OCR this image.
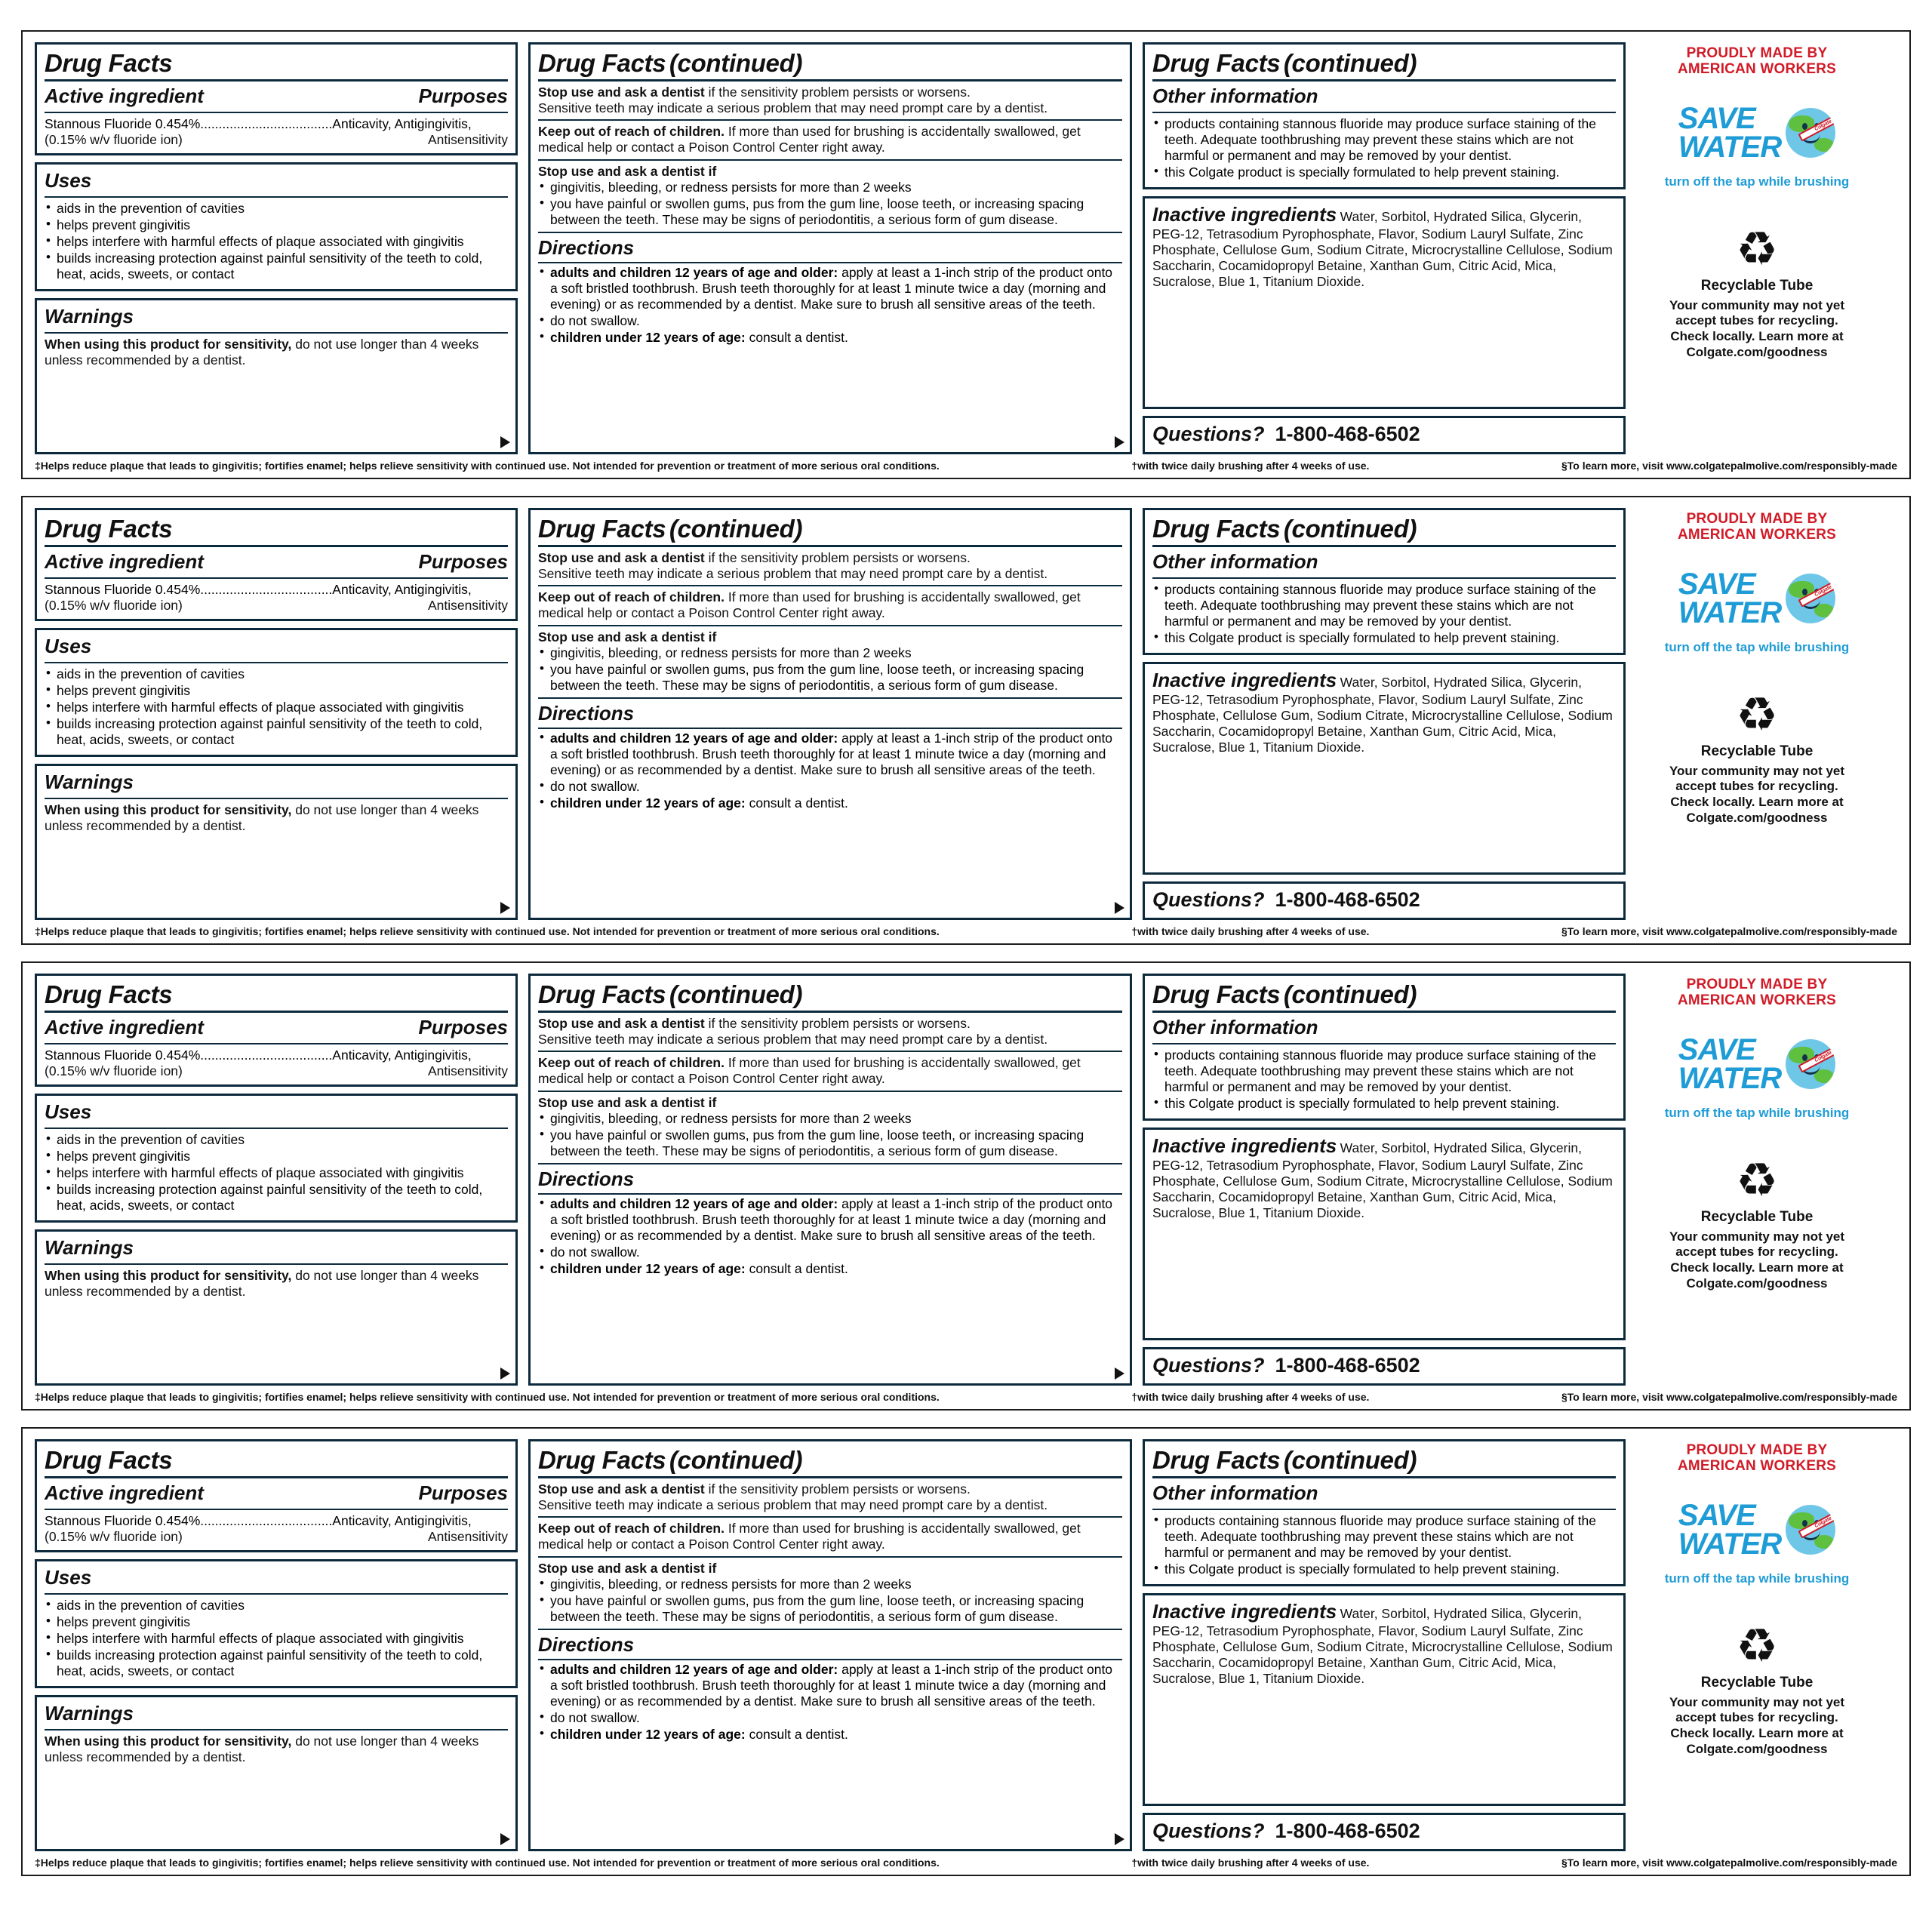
Drug Facts
Active ingredient	Purposes
Stannous Fluoride 0.454%....................................Anticavity, Antigingivitis,
(0.15% w/v fluoride ion)	Antisensitivity
Uses
• aids in the prevention of cavities
• helps prevent gingivitis
• helps interfere with harmful effects of plaque associated with gingivitis
• builds increasing protection against painful sensitivity of the teeth to cold, heat, acids, sweets, or contact
Warnings

When using this product for sensitivity, do not use longer than 4 weeks unless recommended by a dentist.

Drug Facts (continued)

Stop use and ask a dentist if the sensitivity problem persists or worsens.

Sensitive teeth may indicate a serious problem that may need prompt care by a dentist.

Keep out of reach of children. If more than used for brushing is accidentally swallowed, get medical help or contact a Poison Control Center right away.

Stop use and ask a dentist if

• gingivitis, bleeding, or redness persists for more than 2 weeks
• you have painful or swollen gums, pus from the gum line, loose teeth, or increasing spacing between the teeth. These may be signs of periodontitis, a serious form of gum disease.
Directions
• adults and children 12 years of age and older: apply at least a 1-inch strip of the product onto a soft bristled toothbrush. Brush teeth thoroughly for at least 1 minute twice a day (morning and evening) or as recommended by a dentist. Make sure to brush all sensitive areas of the teeth.
• do not swallow.
• children under 12 years of age: consult a dentist.
Drug Facts (continued)
Other information
• products containing stannous fluoride may produce surface staining of the teeth. Adequate toothbrushing may prevent these stains which are not harmful or permanent and may be removed by your dentist.
• this Colgate product is specially formulated to help prevent staining.

Inactive ingredients Water, Sorbitol, Hydrated Silica, Glycerin, PEG-12, Tetrasodium Pyrophosphate, Flavor, Sodium Lauryl Sulfate, Zinc Phosphate, Cellulose Gum, Sodium Citrate, Microcrystalline Cellulose, Sodium Saccharin, Cocamidopropyl Betaine, Xanthan Gum, Citric Acid, Mica, Sucralose, Blue 1, Titanium Dioxide.

Questions? 1-800-468-6502
PROUDLY MADE BY
AMERICAN WORKERS
SAVE
WATER
Colgate
turn off the tap while brushing
♻
Recyclable Tube
Your community may not yet
accept tubes for recycling.
Check locally. Learn more at
Colgate.com/goodness
‡Helps reduce plaque that leads to gingivitis; fortifies enamel; helps relieve sensitivity with continued use. Not intended for prevention or treatment of more serious oral conditions.	†with twice daily brushing after 4 weeks of use.	§To learn more, visit www.colgatepalmolive.com/responsibly-made
Drug Facts
Active ingredient	Purposes
Stannous Fluoride 0.454%....................................Anticavity, Antigingivitis,
(0.15% w/v fluoride ion)	Antisensitivity
Uses
• aids in the prevention of cavities
• helps prevent gingivitis
• helps interfere with harmful effects of plaque associated with gingivitis
• builds increasing protection against painful sensitivity of the teeth to cold, heat, acids, sweets, or contact
Warnings

When using this product for sensitivity, do not use longer than 4 weeks unless recommended by a dentist.

Drug Facts (continued)

Stop use and ask a dentist if the sensitivity problem persists or worsens.

Sensitive teeth may indicate a serious problem that may need prompt care by a dentist.

Keep out of reach of children. If more than used for brushing is accidentally swallowed, get medical help or contact a Poison Control Center right away.

Stop use and ask a dentist if

• gingivitis, bleeding, or redness persists for more than 2 weeks
• you have painful or swollen gums, pus from the gum line, loose teeth, or increasing spacing between the teeth. These may be signs of periodontitis, a serious form of gum disease.
Directions
• adults and children 12 years of age and older: apply at least a 1-inch strip of the product onto a soft bristled toothbrush. Brush teeth thoroughly for at least 1 minute twice a day (morning and evening) or as recommended by a dentist. Make sure to brush all sensitive areas of the teeth.
• do not swallow.
• children under 12 years of age: consult a dentist.
Drug Facts (continued)
Other information
• products containing stannous fluoride may produce surface staining of the teeth. Adequate toothbrushing may prevent these stains which are not harmful or permanent and may be removed by your dentist.
• this Colgate product is specially formulated to help prevent staining.

Inactive ingredients Water, Sorbitol, Hydrated Silica, Glycerin, PEG-12, Tetrasodium Pyrophosphate, Flavor, Sodium Lauryl Sulfate, Zinc Phosphate, Cellulose Gum, Sodium Citrate, Microcrystalline Cellulose, Sodium Saccharin, Cocamidopropyl Betaine, Xanthan Gum, Citric Acid, Mica, Sucralose, Blue 1, Titanium Dioxide.

Questions? 1-800-468-6502
PROUDLY MADE BY
AMERICAN WORKERS
SAVE
WATER
Colgate
turn off the tap while brushing
♻
Recyclable Tube
Your community may not yet
accept tubes for recycling.
Check locally. Learn more at
Colgate.com/goodness
‡Helps reduce plaque that leads to gingivitis; fortifies enamel; helps relieve sensitivity with continued use. Not intended for prevention or treatment of more serious oral conditions.	†with twice daily brushing after 4 weeks of use.	§To learn more, visit www.colgatepalmolive.com/responsibly-made
Drug Facts
Active ingredient	Purposes
Stannous Fluoride 0.454%....................................Anticavity, Antigingivitis,
(0.15% w/v fluoride ion)	Antisensitivity
Uses
• aids in the prevention of cavities
• helps prevent gingivitis
• helps interfere with harmful effects of plaque associated with gingivitis
• builds increasing protection against painful sensitivity of the teeth to cold, heat, acids, sweets, or contact
Warnings

When using this product for sensitivity, do not use longer than 4 weeks unless recommended by a dentist.

Drug Facts (continued)

Stop use and ask a dentist if the sensitivity problem persists or worsens.

Sensitive teeth may indicate a serious problem that may need prompt care by a dentist.

Keep out of reach of children. If more than used for brushing is accidentally swallowed, get medical help or contact a Poison Control Center right away.

Stop use and ask a dentist if

• gingivitis, bleeding, or redness persists for more than 2 weeks
• you have painful or swollen gums, pus from the gum line, loose teeth, or increasing spacing between the teeth. These may be signs of periodontitis, a serious form of gum disease.
Directions
• adults and children 12 years of age and older: apply at least a 1-inch strip of the product onto a soft bristled toothbrush. Brush teeth thoroughly for at least 1 minute twice a day (morning and evening) or as recommended by a dentist. Make sure to brush all sensitive areas of the teeth.
• do not swallow.
• children under 12 years of age: consult a dentist.
Drug Facts (continued)
Other information
• products containing stannous fluoride may produce surface staining of the teeth. Adequate toothbrushing may prevent these stains which are not harmful or permanent and may be removed by your dentist.
• this Colgate product is specially formulated to help prevent staining.

Inactive ingredients Water, Sorbitol, Hydrated Silica, Glycerin, PEG-12, Tetrasodium Pyrophosphate, Flavor, Sodium Lauryl Sulfate, Zinc Phosphate, Cellulose Gum, Sodium Citrate, Microcrystalline Cellulose, Sodium Saccharin, Cocamidopropyl Betaine, Xanthan Gum, Citric Acid, Mica, Sucralose, Blue 1, Titanium Dioxide.

Questions? 1-800-468-6502
PROUDLY MADE BY
AMERICAN WORKERS
SAVE
WATER
Colgate
turn off the tap while brushing
♻
Recyclable Tube
Your community may not yet
accept tubes for recycling.
Check locally. Learn more at
Colgate.com/goodness
‡Helps reduce plaque that leads to gingivitis; fortifies enamel; helps relieve sensitivity with continued use. Not intended for prevention or treatment of more serious oral conditions.	†with twice daily brushing after 4 weeks of use.	§To learn more, visit www.colgatepalmolive.com/responsibly-made
Drug Facts
Active ingredient	Purposes
Stannous Fluoride 0.454%....................................Anticavity, Antigingivitis,
(0.15% w/v fluoride ion)	Antisensitivity
Uses
• aids in the prevention of cavities
• helps prevent gingivitis
• helps interfere with harmful effects of plaque associated with gingivitis
• builds increasing protection against painful sensitivity of the teeth to cold, heat, acids, sweets, or contact
Warnings

When using this product for sensitivity, do not use longer than 4 weeks unless recommended by a dentist.

Drug Facts (continued)

Stop use and ask a dentist if the sensitivity problem persists or worsens.

Sensitive teeth may indicate a serious problem that may need prompt care by a dentist.

Keep out of reach of children. If more than used for brushing is accidentally swallowed, get medical help or contact a Poison Control Center right away.

Stop use and ask a dentist if

• gingivitis, bleeding, or redness persists for more than 2 weeks
• you have painful or swollen gums, pus from the gum line, loose teeth, or increasing spacing between the teeth. These may be signs of periodontitis, a serious form of gum disease.
Directions
• adults and children 12 years of age and older: apply at least a 1-inch strip of the product onto a soft bristled toothbrush. Brush teeth thoroughly for at least 1 minute twice a day (morning and evening) or as recommended by a dentist. Make sure to brush all sensitive areas of the teeth.
• do not swallow.
• children under 12 years of age: consult a dentist.
Drug Facts (continued)
Other information
• products containing stannous fluoride may produce surface staining of the teeth. Adequate toothbrushing may prevent these stains which are not harmful or permanent and may be removed by your dentist.
• this Colgate product is specially formulated to help prevent staining.

Inactive ingredients Water, Sorbitol, Hydrated Silica, Glycerin, PEG-12, Tetrasodium Pyrophosphate, Flavor, Sodium Lauryl Sulfate, Zinc Phosphate, Cellulose Gum, Sodium Citrate, Microcrystalline Cellulose, Sodium Saccharin, Cocamidopropyl Betaine, Xanthan Gum, Citric Acid, Mica, Sucralose, Blue 1, Titanium Dioxide.

Questions? 1-800-468-6502
PROUDLY MADE BY
AMERICAN WORKERS
SAVE
WATER
Colgate
turn off the tap while brushing
♻
Recyclable Tube
Your community may not yet
accept tubes for recycling.
Check locally. Learn more at
Colgate.com/goodness
‡Helps reduce plaque that leads to gingivitis; fortifies enamel; helps relieve sensitivity with continued use. Not intended for prevention or treatment of more serious oral conditions.	†with twice daily brushing after 4 weeks of use.	§To learn more, visit www.colgatepalmolive.com/responsibly-made
